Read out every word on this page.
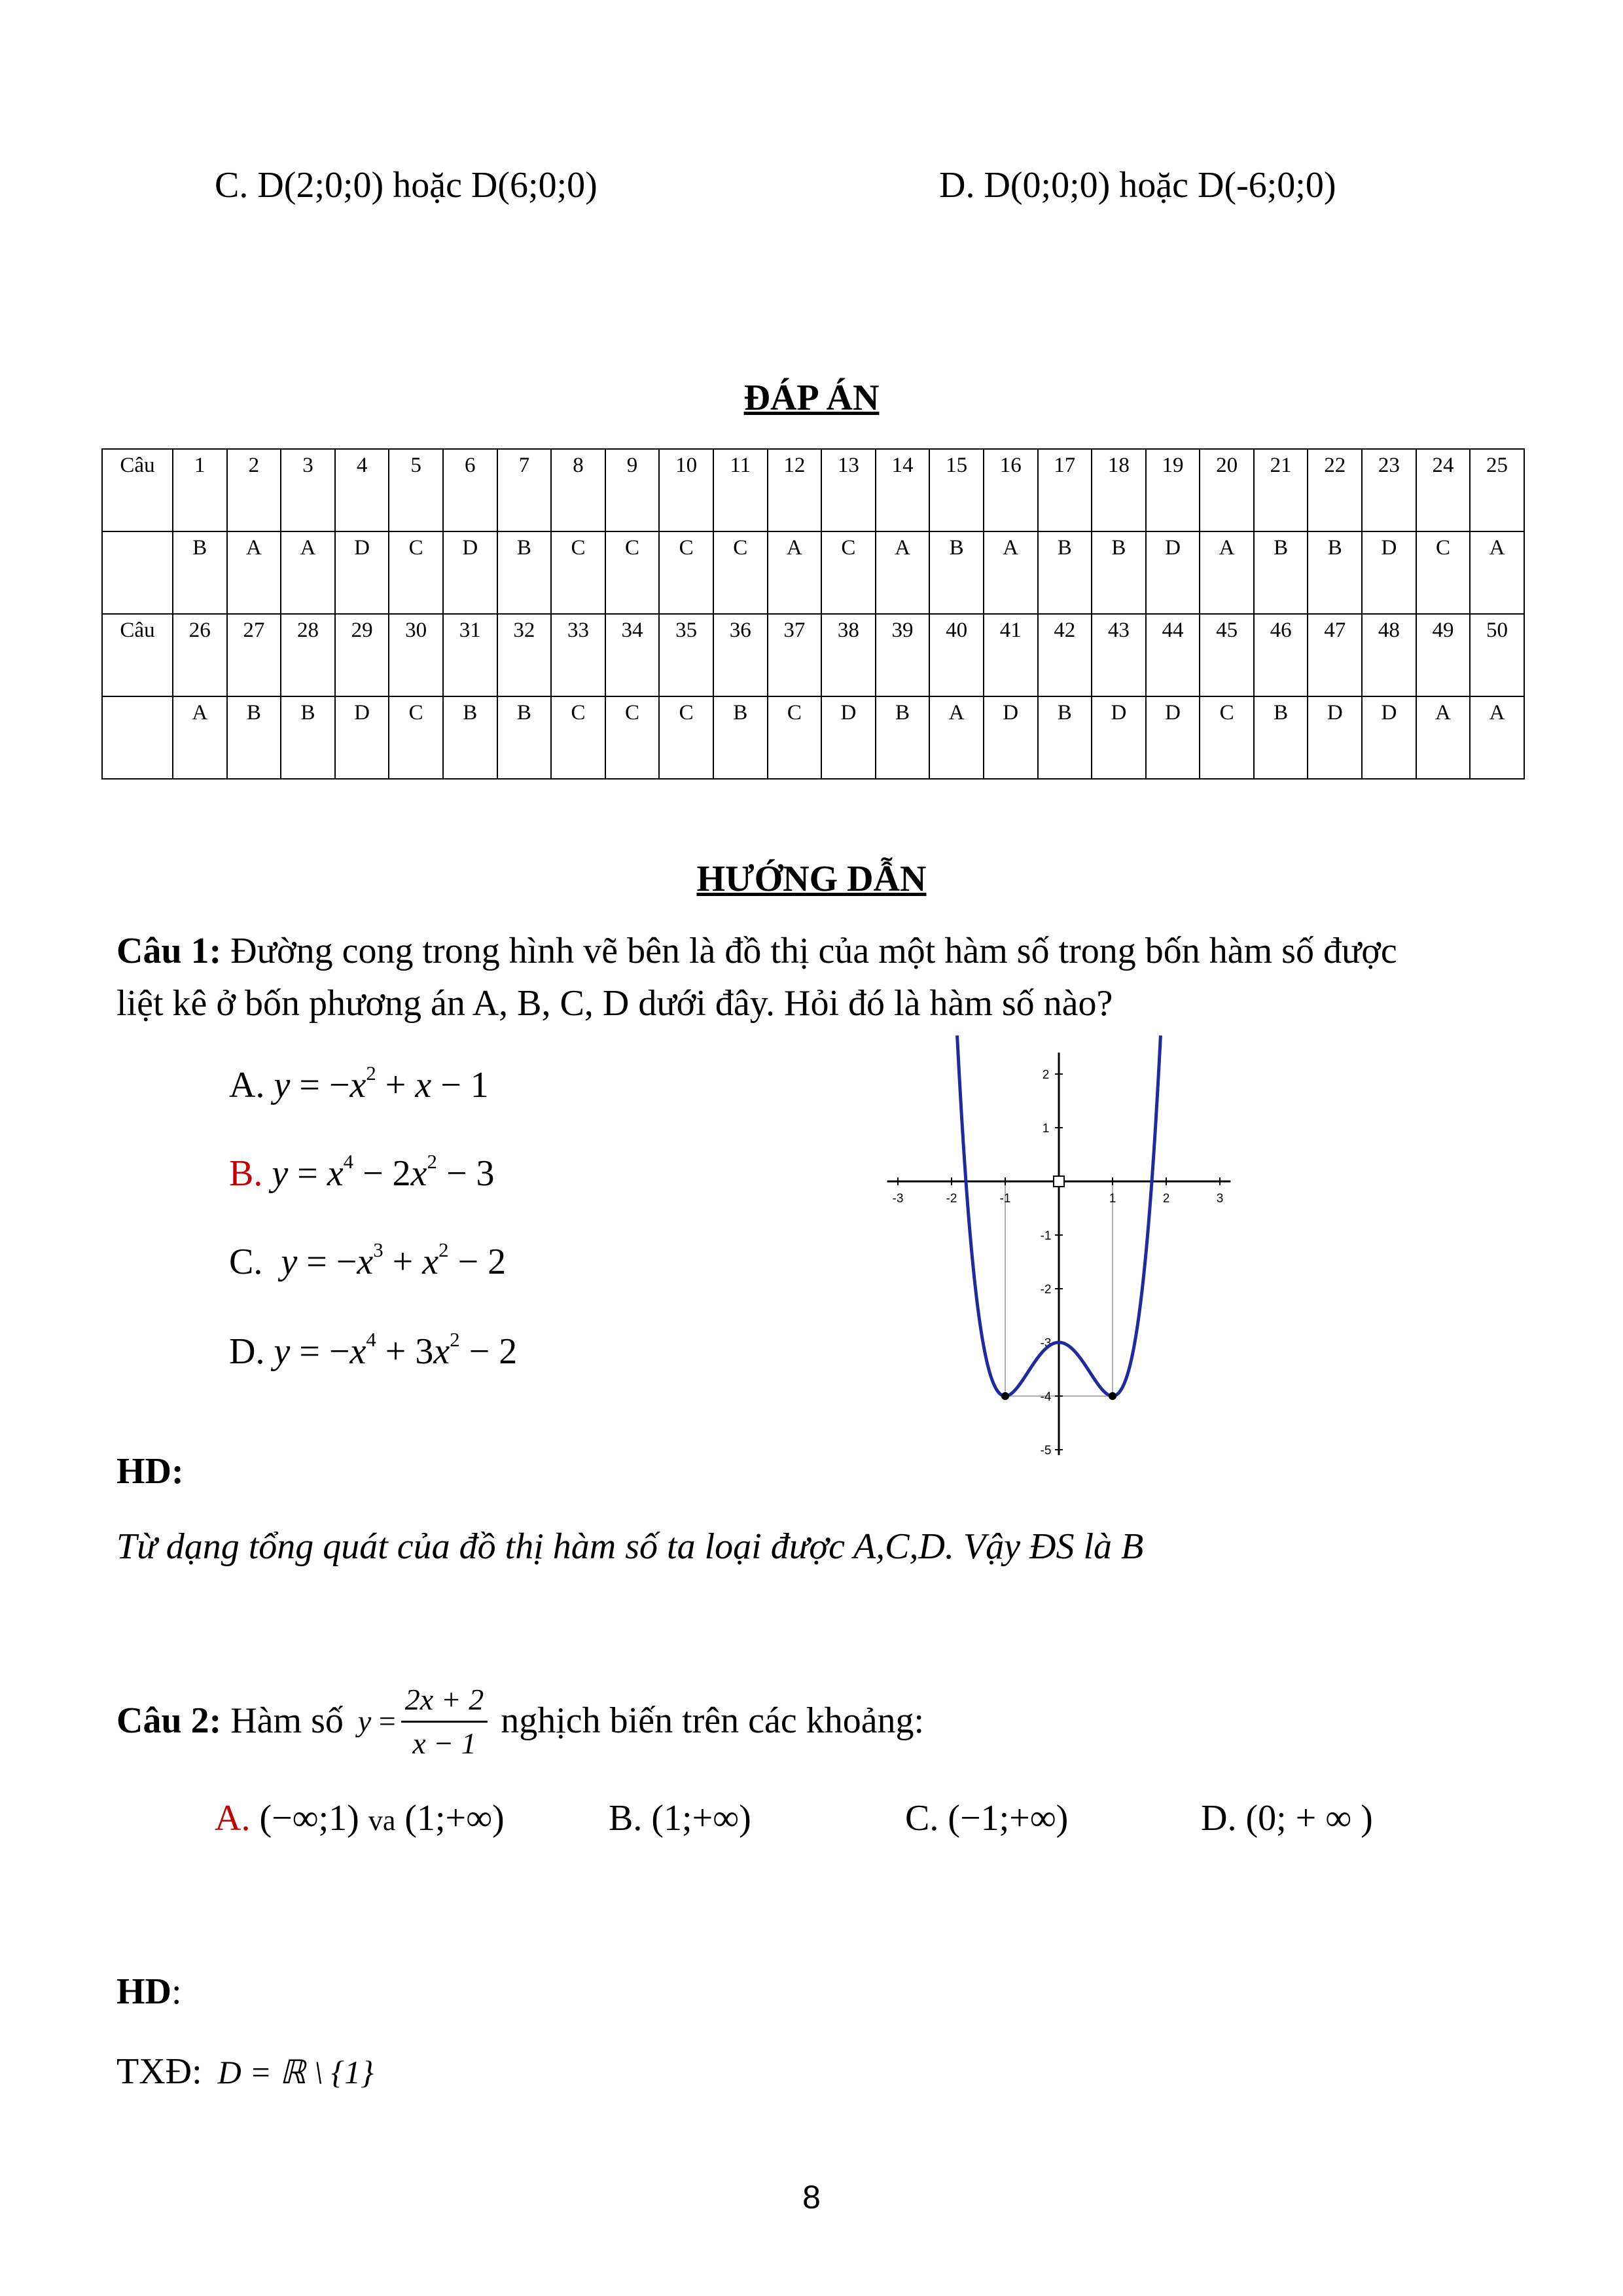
C. D(2;0;0) hoặc D(6;0;0)	D. D(0;0;0) hoặc D(-6;0;0)
ĐÁP ÁN
Câu	1	2	3	4	5	6	7	8	9	10	11	12	13	14	15	16	17	18	19	20	21	22	23	24	25
	B	A	A	D	C	D	B	C	C	C	C	A	C	A	B	A	B	B	D	A	B	B	D	C	A
Câu	26	27	28	29	30	31	32	33	34	35	36	37	38	39	40	41	42	43	44	45	46	47	48	49	50
	A	B	B	D	C	B	B	C	C	C	B	C	D	B	A	D	B	D	D	C	B	D	D	A	A
HƯỚNG DẪN
Câu 1: Đường cong trong hình vẽ bên là đồ thị của một hàm số trong bốn hàm số được
liệt kê ở bốn phương án A, B, C, D dưới đây. Hỏi đó là hàm số nào?
A. $y = -x^2 + x - 1$
B. $y = x^4 - 2x^2 - 3$
C. $y = -x^3 + x^2 - 2$
D. $y = -x^4 + 3x^2 - 2$
-3	-2	-1	1	2	3
2
1
-1
-2
-3
-4
-5
HD:
Từ dạng tổng quát của đồ thị hàm số ta loại được A,C,D. Vậy ĐS là B
Câu 2: Hàm số $y = \frac{2x + 2}{x - 1}$ nghịch biến trên các khoảng:
A. (−∞;1) va (1;+∞)	B. (1;+∞)	C. (−1;+∞)	D. (0; + ∞ )
HD:
TXĐ: D = ℝ \ {1}
8
